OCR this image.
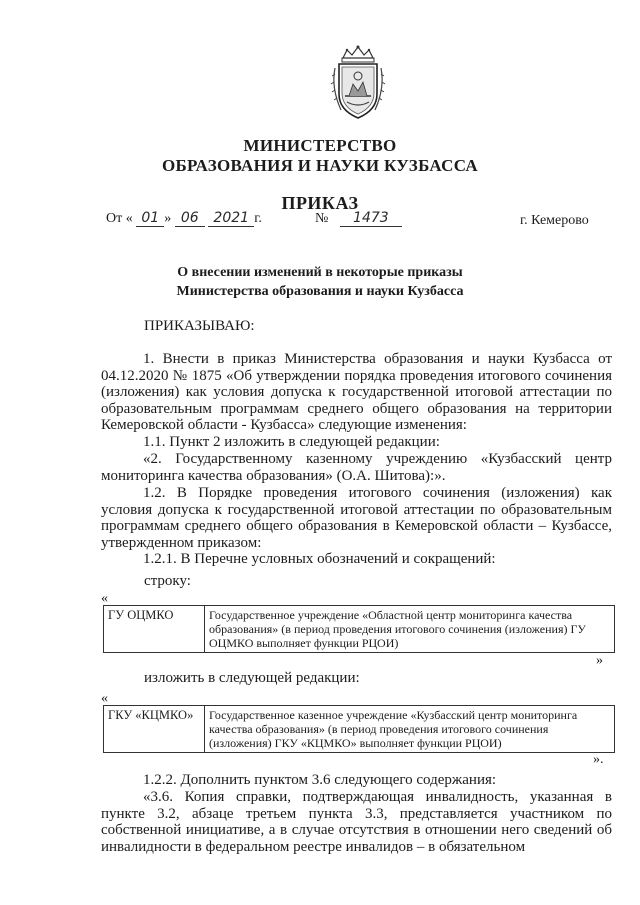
МИНИСТЕРСТВО
ОБРАЗОВАНИЯ И НАУКИ КУЗБАССА
ПРИКАЗ
От « 01 » 06 2021 г.	№ 1473	г. Кемерово
О внесении изменений в некоторые приказы
Министерства образования и науки Кузбасса
ПРИКАЗЫВАЮ:
1. Внести в приказ Министерства образования и науки Кузбасса от 04.12.2020 № 1875 «Об утверждении порядка проведения итогового сочинения (изложения) как условия допуска к государственной итоговой аттестации по образовательным программам среднего общего образования на территории Кемеровской области - Кузбасса» следующие изменения:
1.1. Пункт 2 изложить в следующей редакции:
«2. Государственному казенному учреждению «Кузбасский центр мониторинга качества образования» (О.А. Шитова):».
1.2. В Порядке проведения итогового сочинения (изложения) как условия допуска к государственной итоговой аттестации по образовательным программам среднего общего образования в Кемеровской области – Кузбассе, утвержденном приказом:
1.2.1. В Перечне условных обозначений и сокращений:
строку:
«
ГУ ОЦМКО	Государственное учреждение «Областной центр мониторинга качества образования» (в период проведения итогового сочинения (изложения) ГУ ОЦМКО выполняет функции РЦОИ)
»
изложить в следующей редакции:
«
ГКУ «КЦМКО»	Государственное казенное учреждение «Кузбасский центр мониторинга качества образования» (в период проведения итогового сочинения (изложения) ГКУ «КЦМКО» выполняет функции РЦОИ)
».
1.2.2. Дополнить пунктом 3.6 следующего содержания:
«3.6. Копия справки, подтверждающая инвалидность, указанная в пункте 3.2, абзаце третьем пункта 3.3, представляется участником по собственной инициативе, а в случае отсутствия в отношении него сведений об инвалидности в федеральном реестре инвалидов – в обязательном
